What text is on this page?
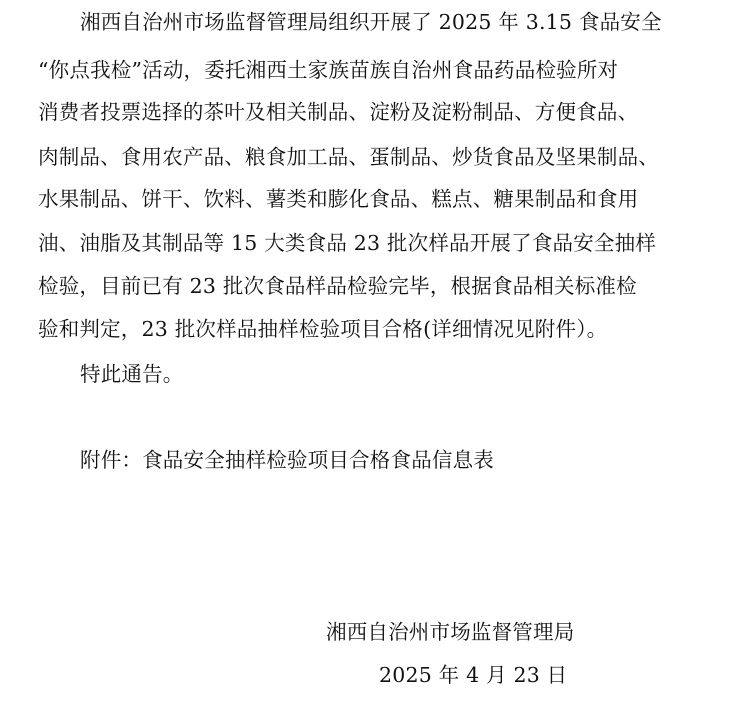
湘西自治州市场监督管理局组织开展了 2025 年 3.15 食品安全
“你点我检”活动，委托湘西土家族苗族自治州食品药品检验所对
消费者投票选择的茶叶及相关制品、淀粉及淀粉制品、方便食品、
肉制品、食用农产品、粮食加工品、蛋制品、炒货食品及坚果制品、
水果制品、饼干、饮料、薯类和膨化食品、糕点、糖果制品和食用
油、油脂及其制品等 15 大类食品 23 批次样品开展了食品安全抽样
检验，目前已有 23 批次食品样品检验完毕，根据食品相关标准检
验和判定，23 批次样品抽样检验项目合格(详细情况见附件）。
特此通告。
附件：食品安全抽样检验项目合格食品信息表
湘西自治州市场监督管理局
2025 年 4 月 23 日
